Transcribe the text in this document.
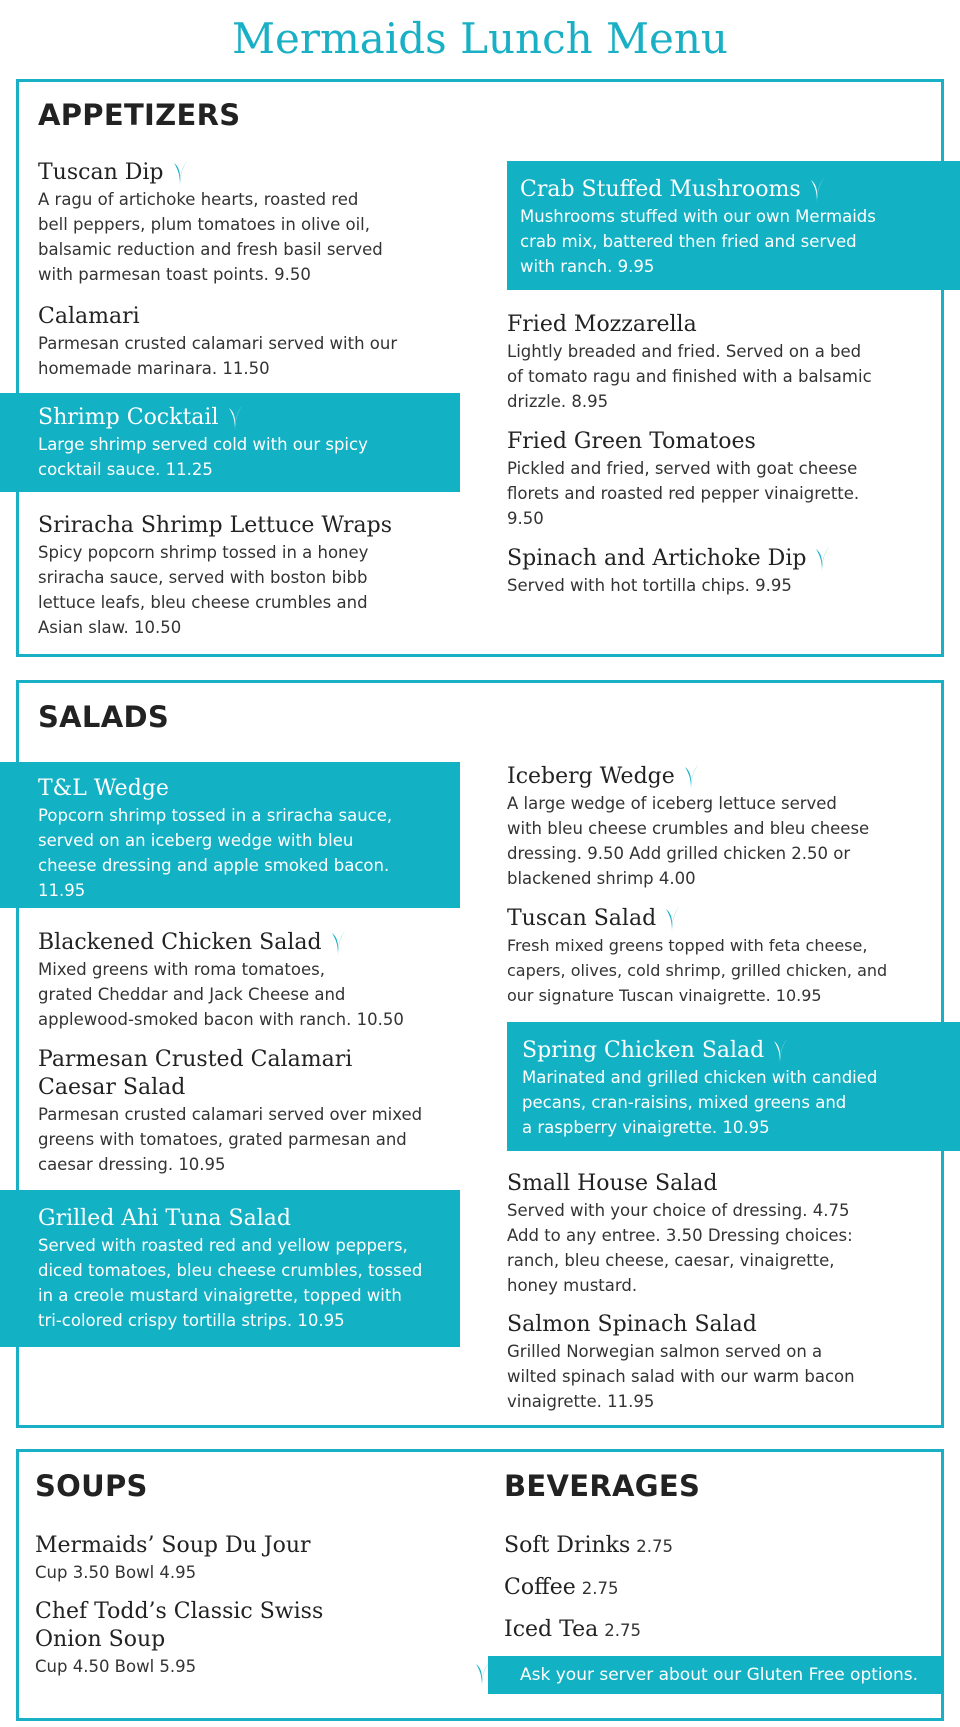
Mermaids Lunch Menu
APPETIZERS
Tuscan Dip
A ragu of artichoke hearts, roasted red
bell peppers, plum tomatoes in olive oil,
balsamic reduction and fresh basil served
with parmesan toast points. 9.50
Calamari
Parmesan crusted calamari served with our
homemade marinara. 11.50
Shrimp Cocktail
Large shrimp served cold with our spicy
cocktail sauce. 11.25
Sriracha Shrimp Lettuce Wraps
Spicy popcorn shrimp tossed in a honey
sriracha sauce, served with boston bibb
lettuce leafs, bleu cheese crumbles and
Asian slaw. 10.50
Crab Stuffed Mushrooms
Mushrooms stuffed with our own Mermaids
crab mix, battered then fried and served
with ranch. 9.95
Fried Mozzarella
Lightly breaded and fried. Served on a bed
of tomato ragu and finished with a balsamic
drizzle. 8.95
Fried Green Tomatoes
Pickled and fried, served with goat cheese
florets and roasted red pepper vinaigrette.
9.50
Spinach and Artichoke Dip
Served with hot tortilla chips. 9.95
SALADS
T&L Wedge
Popcorn shrimp tossed in a sriracha sauce,
served on an iceberg wedge with bleu
cheese dressing and apple smoked bacon.
11.95
Blackened Chicken Salad
Mixed greens with roma tomatoes,
grated Cheddar and Jack Cheese and
applewood-smoked bacon with ranch. 10.50
Parmesan Crusted Calamari
Caesar Salad
Parmesan crusted calamari served over mixed
greens with tomatoes, grated parmesan and
caesar dressing. 10.95
Grilled Ahi Tuna Salad
Served with roasted red and yellow peppers,
diced tomatoes, bleu cheese crumbles, tossed
in a creole mustard vinaigrette, topped with
tri-colored crispy tortilla strips. 10.95
Iceberg Wedge
A large wedge of iceberg lettuce served
with bleu cheese crumbles and bleu cheese
dressing. 9.50 Add grilled chicken 2.50 or
blackened shrimp 4.00
Tuscan Salad
Fresh mixed greens topped with feta cheese,
capers, olives, cold shrimp, grilled chicken, and
our signature Tuscan vinaigrette. 10.95
Spring Chicken Salad
Marinated and grilled chicken with candied
pecans, cran-raisins, mixed greens and
a raspberry vinaigrette. 10.95
Small House Salad
Served with your choice of dressing. 4.75
Add to any entree. 3.50 Dressing choices:
ranch, bleu cheese, caesar, vinaigrette,
honey mustard.
Salmon Spinach Salad
Grilled Norwegian salmon served on a
wilted spinach salad with our warm bacon
vinaigrette. 11.95
SOUPS	BEVERAGES
Mermaids’ Soup Du Jour
Cup 3.50 Bowl 4.95
Chef Todd’s Classic Swiss
Onion Soup
Cup 4.50 Bowl 5.95
Soft Drinks 2.75
Coffee 2.75
Iced Tea 2.75
Ask your server about our Gluten Free options.
